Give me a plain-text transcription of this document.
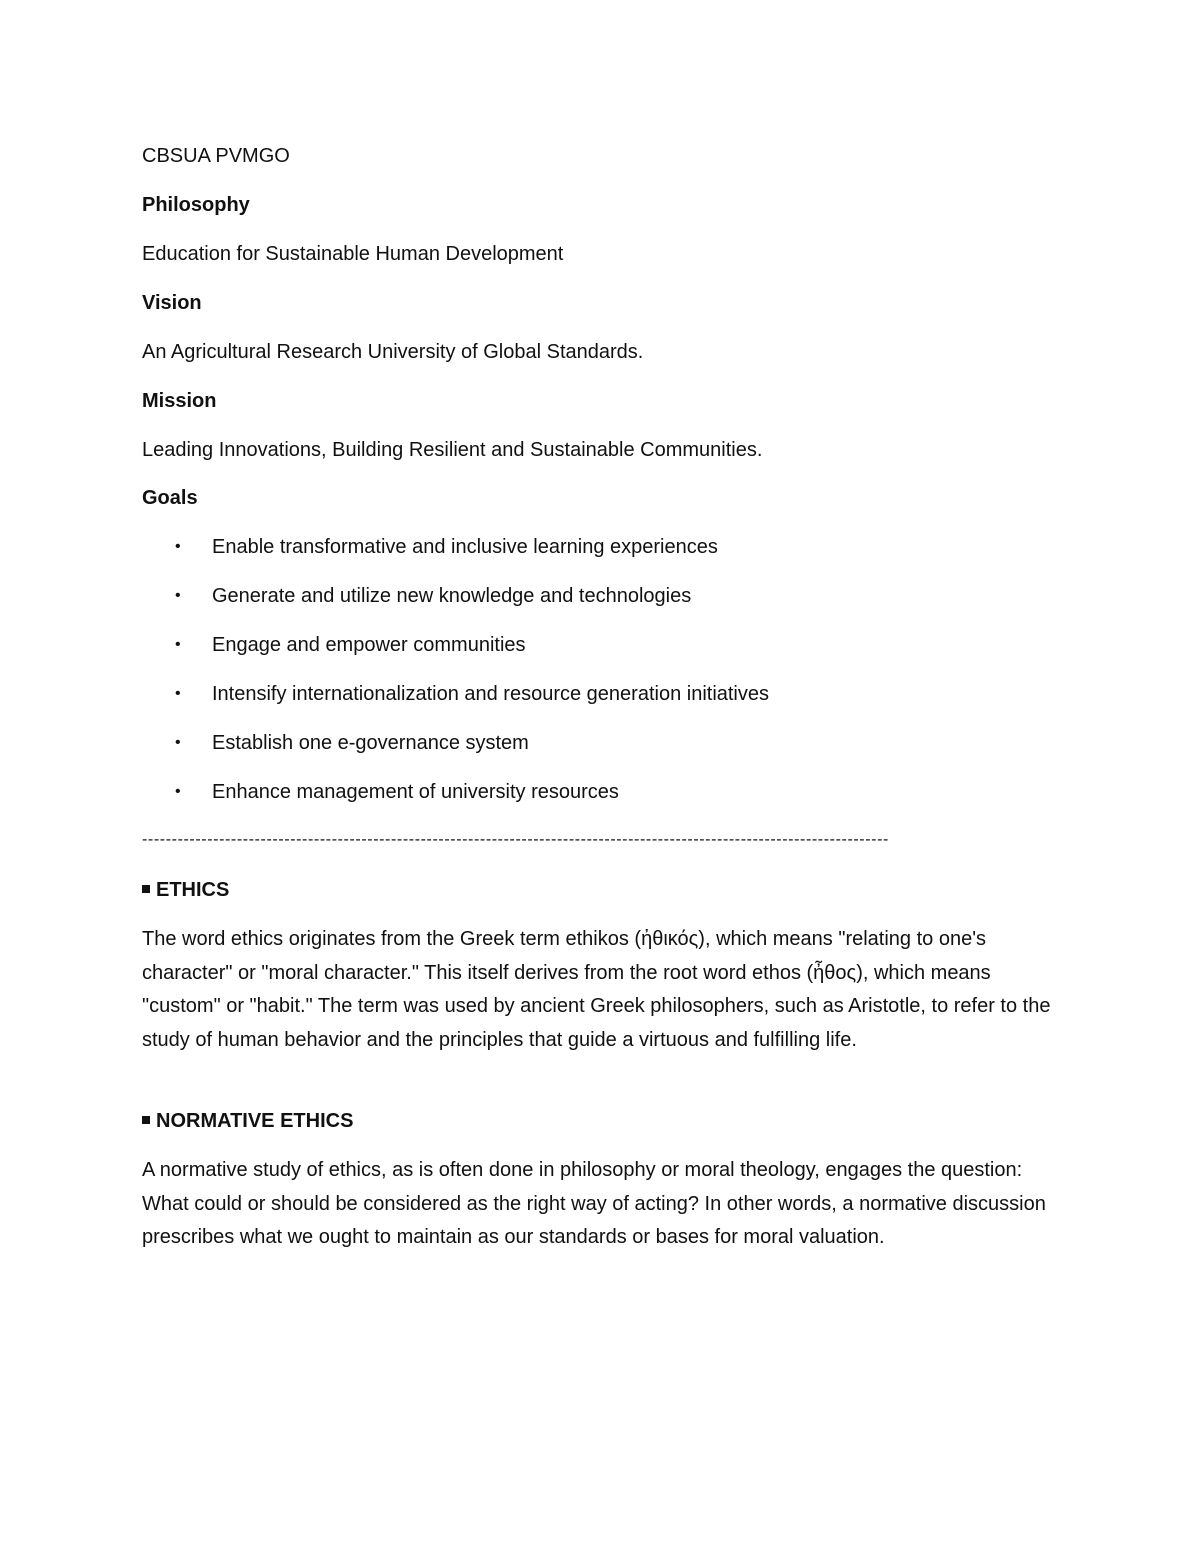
CBSUA PVMGO

Philosophy

Education for Sustainable Human Development

Vision

An Agricultural Research University of Global Standards.

Mission

Leading Innovations, Building Resilient and Sustainable Communities.

Goals

• Enable transformative and inclusive learning experiences
• Generate and utilize new knowledge and technologies
• Engage and empower communities
• Intensify internationalization and resource generation initiatives
• Establish one e-governance system
• Enhance management of university resources
------------------------------------------------------------------------------------------------------------------------------

ETHICS

The word ethics originates from the Greek term ethikos (ἠθικός), which means "relating to one's character" or "moral character." This itself derives from the root word ethos (ἦθος), which means "custom" or "habit." The term was used by ancient Greek philosophers, such as Aristotle, to refer to the study of human behavior and the principles that guide a virtuous and fulfilling life.

NORMATIVE ETHICS

A normative study of ethics, as is often done in philosophy or moral theology, engages the question: What could or should be considered as the right way of acting? In other words, a normative discussion prescribes what we ought to maintain as our standards or bases for moral valuation.
